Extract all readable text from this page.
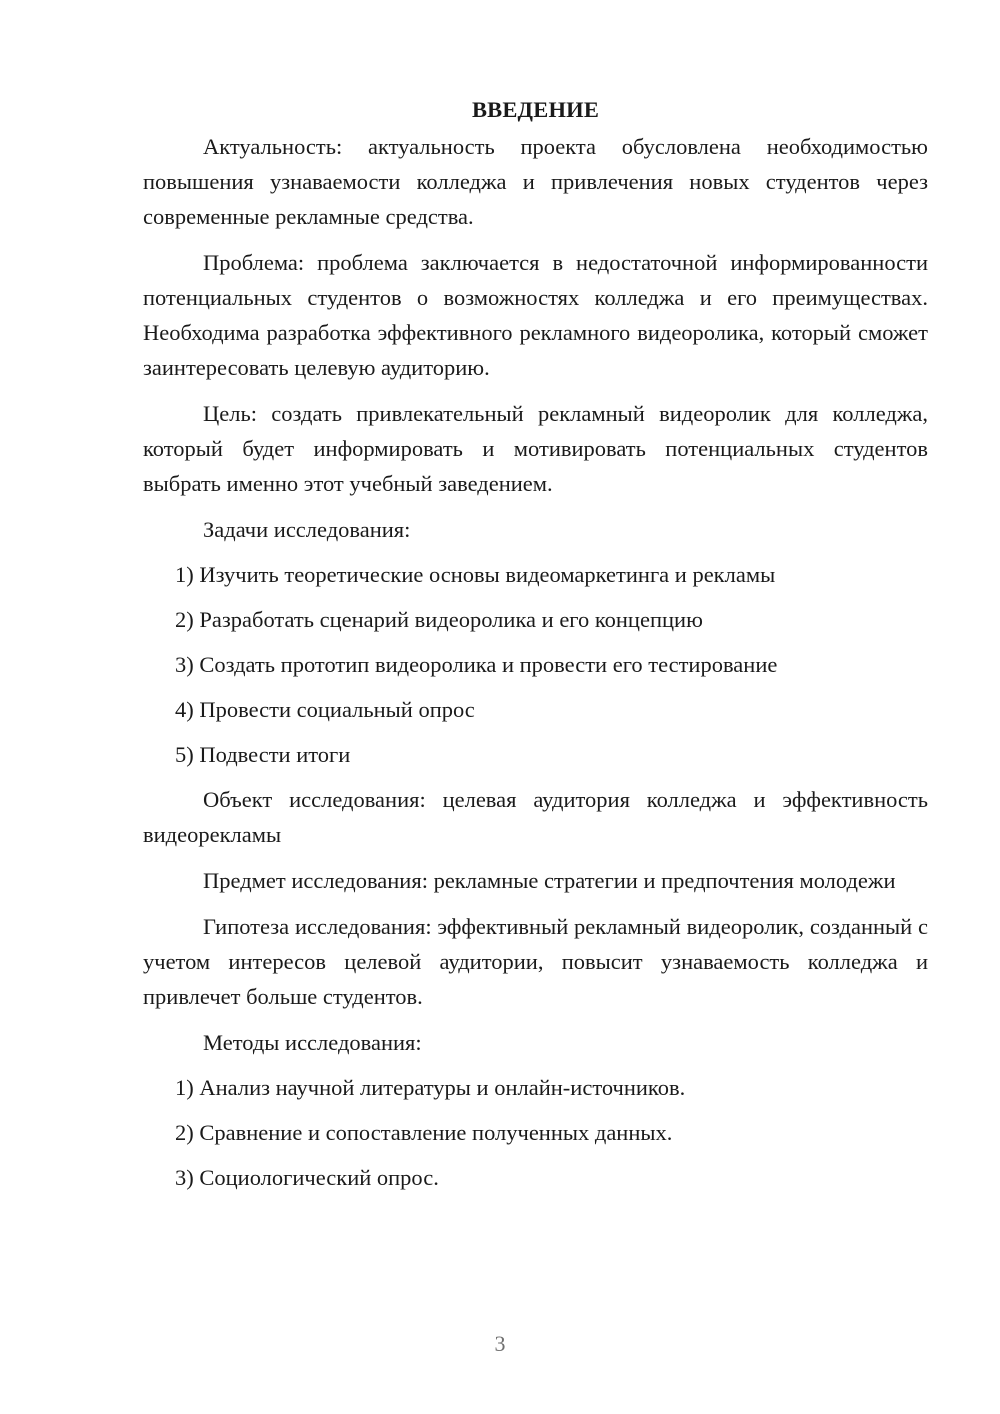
ВВЕДЕНИЕ

Актуальность: актуальность проекта обусловлена необходимостью повышения узнаваемости колледжа и привлечения новых студентов через современные рекламные средства.

Проблема: проблема заключается в недостаточной информированности потенциальных студентов о возможностях колледжа и его преимуществах. Необходима разработка эффективного рекламного видеоролика, который сможет заинтересовать целевую аудиторию.

Цель: создать привлекательный рекламный видеоролик для колледжа, который будет информировать и мотивировать потенциальных студентов выбрать именно этот учебный заведением.

Задачи исследования:

1) Изучить теоретические основы видеомаркетинга и рекламы

2) Разработать сценарий видеоролика и его концепцию

3) Создать прототип видеоролика и провести его тестирование

4) Провести социальный опрос

5) Подвести итоги

Объект исследования: целевая аудитория колледжа и эффективность видеорекламы

Предмет исследования: рекламные стратегии и предпочтения молодежи

Гипотеза исследования: эффективный рекламный видеоролик, созданный с учетом интересов целевой аудитории, повысит узнаваемость колледжа и привлечет больше студентов.

Методы исследования:

1) Анализ научной литературы и онлайн-источников.

2) Сравнение и сопоставление полученных данных.

3) Социологический опрос.

3
